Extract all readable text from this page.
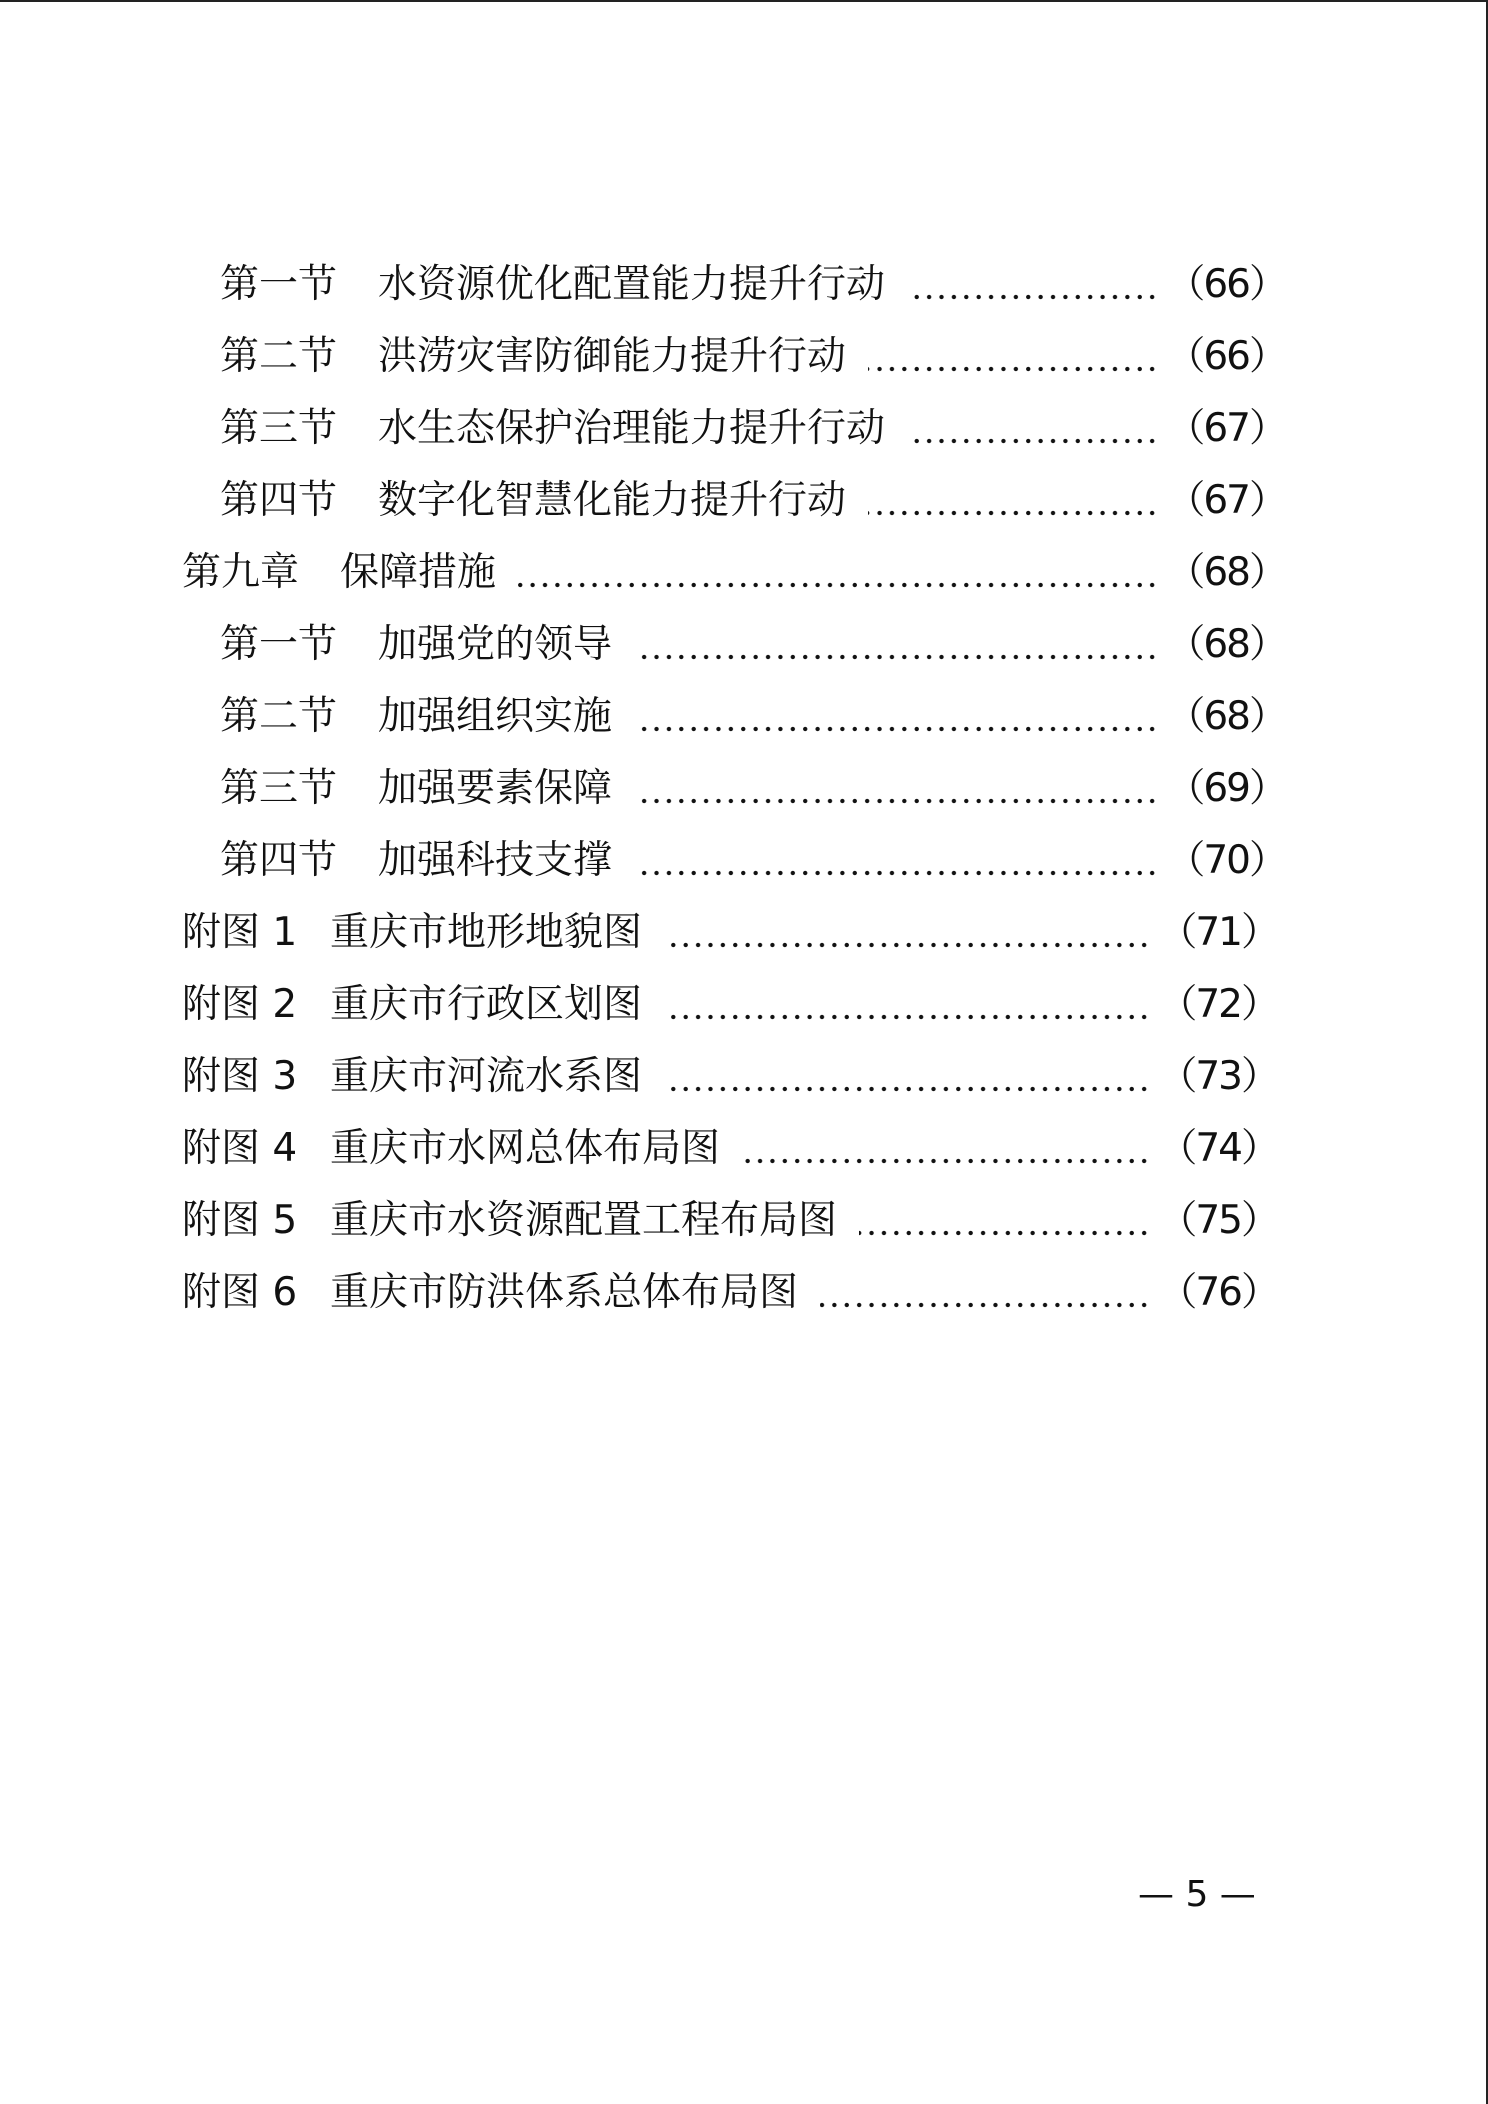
第一节	水资源优化配置能力提升行动	（66）
第二节	洪涝灾害防御能力提升行动	（66）
第三节	水生态保护治理能力提升行动	（67）
第四节	数字化智慧化能力提升行动	（67）
第九章	保障措施	（68）
第一节	加强党的领导	（68）
第二节	加强组织实施	（68）
第三节	加强要素保障	（69）
第四节	加强科技支撑	（70）
附图 1 重庆市地形地貌图	（71）
附图 2 重庆市行政区划图	（72）
附图 3 重庆市河流水系图	（73）
附图 4 重庆市水网总体布局图	（74）
附图 5 重庆市水资源配置工程布局图	（75）
附图 6 重庆市防洪体系总体布局图	（76）
— 5 —
